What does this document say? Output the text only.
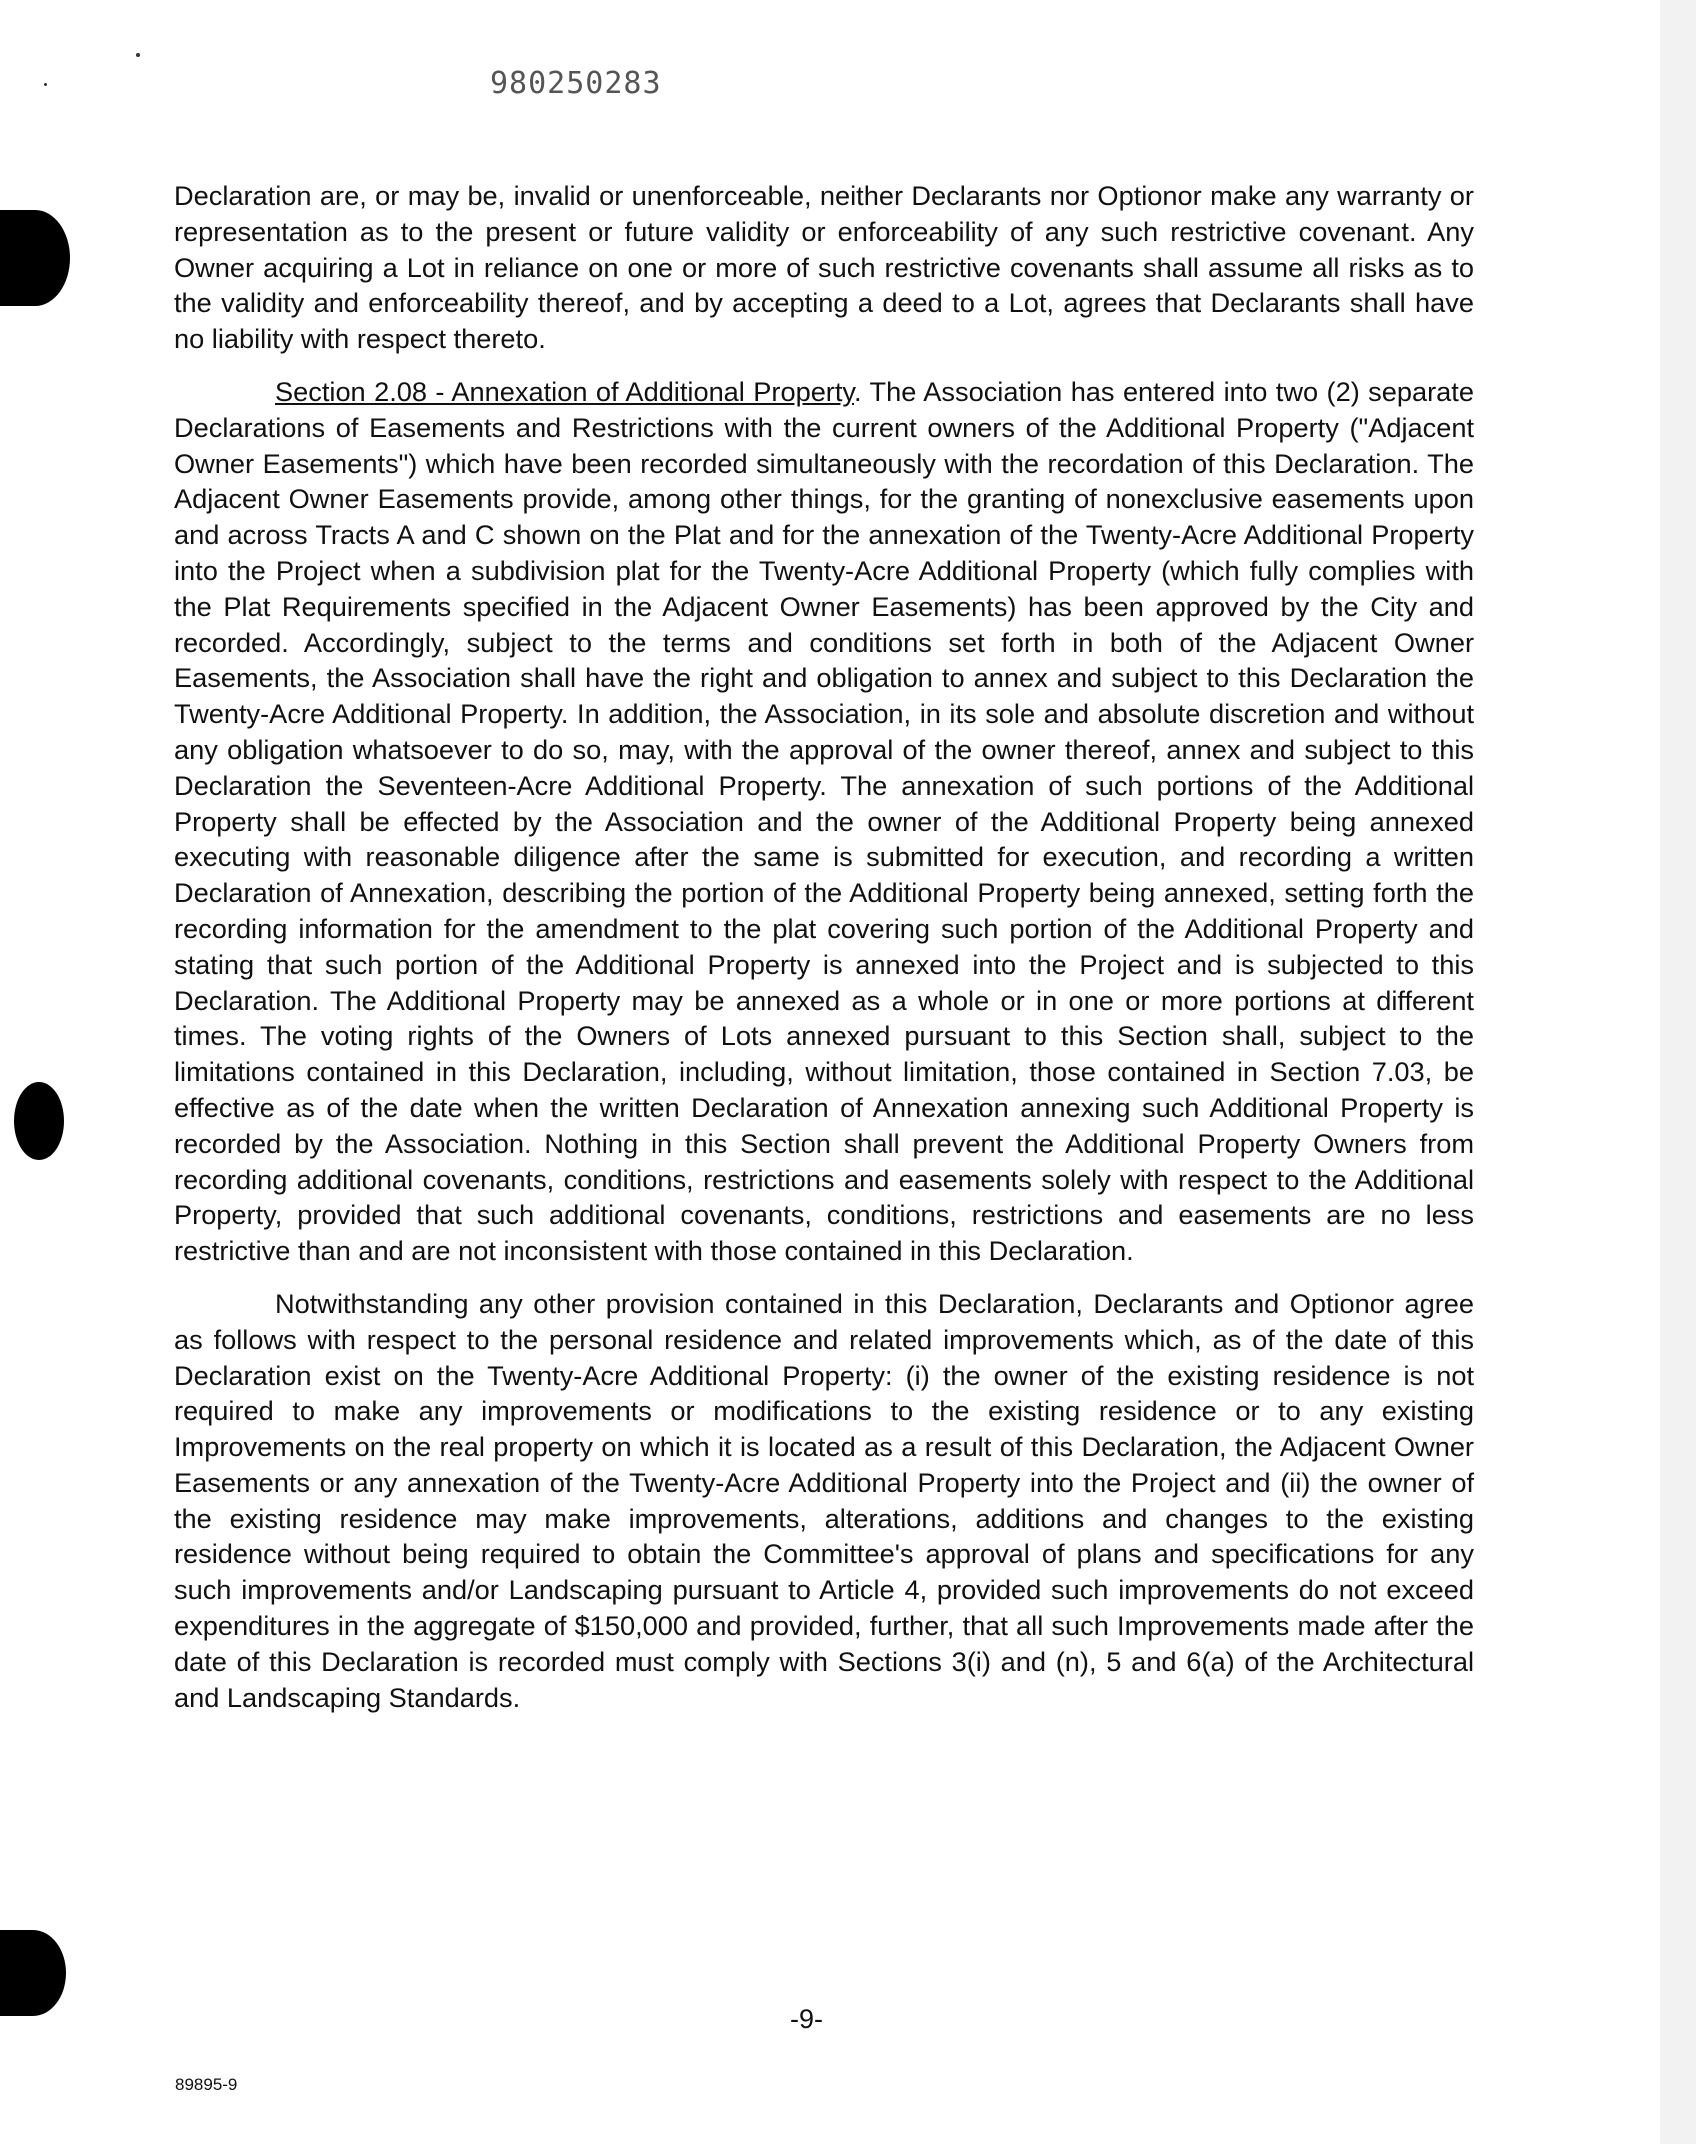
980250283

Declaration are, or may be, invalid or unenforceable, neither Declarants nor Optionor make any warranty or representation as to the present or future validity or enforceability of any such restrictive covenant. Any Owner acquiring a Lot in reliance on one or more of such restrictive covenants shall assume all risks as to the validity and enforceability thereof, and by accepting a deed to a Lot, agrees that Declarants shall have no liability with respect thereto.

Section 2.08 - Annexation of Additional Property. The Association has entered into two (2) separate Declarations of Easements and Restrictions with the current owners of the Additional Property ("Adjacent Owner Easements") which have been recorded simultaneously with the recordation of this Declaration. The Adjacent Owner Easements provide, among other things, for the granting of nonexclusive easements upon and across Tracts A and C shown on the Plat and for the annexation of the Twenty-Acre Additional Property into the Project when a subdivision plat for the Twenty-Acre Additional Property (which fully complies with the Plat Requirements specified in the Adjacent Owner Easements) has been approved by the City and recorded. Accordingly, subject to the terms and conditions set forth in both of the Adjacent Owner Easements, the Association shall have the right and obligation to annex and subject to this Declaration the Twenty-Acre Additional Property. In addition, the Association, in its sole and absolute discretion and without any obligation whatsoever to do so, may, with the approval of the owner thereof, annex and subject to this Declaration the Seventeen-Acre Additional Property. The annexation of such portions of the Additional Property shall be effected by the Association and the owner of the Additional Property being annexed executing with reasonable diligence after the same is submitted for execution, and recording a written Declaration of Annexation, describing the portion of the Additional Property being annexed, setting forth the recording information for the amendment to the plat covering such portion of the Additional Property and stating that such portion of the Additional Property is annexed into the Project and is subjected to this Declaration. The Additional Property may be annexed as a whole or in one or more portions at different times. The voting rights of the Owners of Lots annexed pursuant to this Section shall, subject to the limitations contained in this Declaration, including, without limitation, those contained in Section 7.03, be effective as of the date when the written Declaration of Annexation annexing such Additional Property is recorded by the Association. Nothing in this Section shall prevent the Additional Property Owners from recording additional covenants, conditions, restrictions and easements solely with respect to the Additional Property, provided that such additional covenants, conditions, restrictions and easements are no less restrictive than and are not inconsistent with those contained in this Declaration.

Notwithstanding any other provision contained in this Declaration, Declarants and Optionor agree as follows with respect to the personal residence and related improvements which, as of the date of this Declaration exist on the Twenty-Acre Additional Property: (i) the owner of the existing residence is not required to make any improvements or modifications to the existing residence or to any existing Improvements on the real property on which it is located as a result of this Declaration, the Adjacent Owner Easements or any annexation of the Twenty-Acre Additional Property into the Project and (ii) the owner of the existing residence may make improvements, alterations, additions and changes to the existing residence without being required to obtain the Committee's approval of plans and specifications for any such improvements and/or Landscaping pursuant to Article 4, provided such improvements do not exceed expenditures in the aggregate of $150,000 and provided, further, that all such Improvements made after the date of this Declaration is recorded must comply with Sections 3(i) and (n), 5 and 6(a) of the Architectural and Landscaping Standards.

-9-
89895-9
